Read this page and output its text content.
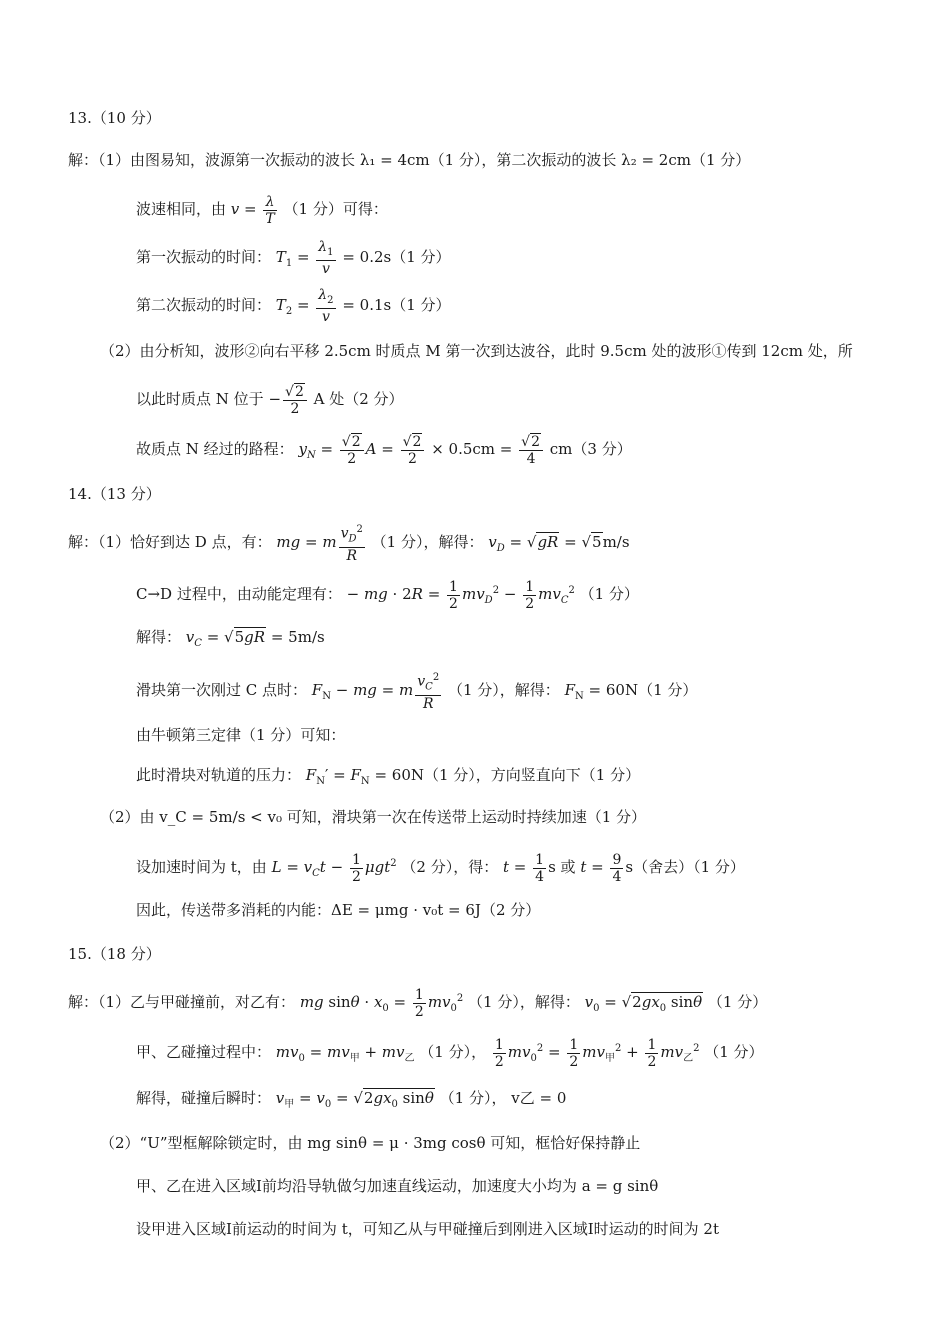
13.（10 分）
解：（1）由图易知，波源第一次振动的波长 λ₁ = 4cm（1 分），第二次振动的波长 λ₂ = 2cm（1 分）
波速相同，由 $v = \frac{\lambda}{T} (1$ 分）可得：
第一次振动的时间： $T_1 = \frac{\lambda_1}{v} = 0.2s(1$ 分）
第二次振动的时间： $T_2 = \frac{\lambda_2}{v} = 0.1s(1$ 分）
（2）由分析知，波形②向右平移 2.5cm 时质点 M 第一次到达波谷，此时 9.5cm 处的波形①传到 12cm 处，所
以此时质点 N 位于 − $\frac{√2}{2}$ A 处（2 分）
故质点 N 经过的路程： $y_N = \frac{√2}{2}$ $A = \frac{√2}{2} \times 0.5cm = \frac{√2}{4} cm(3$ 分）
14.（13 分）
解：（1）恰好到达 D 点，有： mg = m $\frac{v_D^2}{R} (1$ 分），解得： $v_D = √gR = √5m/s$
C→D 过程中，由动能定理有： − mg · $2R = \frac{1}{2} mv_D^2 - \frac{1}{2} mv_C^2$ （1 分）
解得： $v_C = √5gR = 5m/s$
滑块第一次刚过 C 点时： $F_N$ − mg = m $\frac{v_C^2}{R} (1$ 分），解得： $F_N = 60N(1$ 分）
由牛顿第三定律（1 分）可知：
此时滑块对轨道的压力： $F_N' = F_N = 60N(1$ 分），方向竖直向下（1 分）
（2）由 v_C = 5m/s < v₀ 可知，滑块第一次在传送带上运动时持续加速（1 分）
设加速时间为 t，由 $L = v_Ct - \frac{1}{2} \mu gt^2$ （2 分），得： $t = \frac{1}{4}$ s 或 $t = \frac{9}{4} s$（舍去）（1 分）
因此，传送带多消耗的内能：ΔE = μmg · v₀t = 6J（2 分）
15.（18 分）
解：（1）乙与甲碰撞前，对乙有： mg $\sin\theta \cdot x_0 = \frac{1}{2} mv_0^2$ （1 分），解得： $v_0 = √2gx_0$ sinθ （1 分）
甲、乙碰撞过程中： $mv_0 = mv_甲 + mv_乙$ （1 分）， $\frac{1}{2} mv_0^2 = \frac{1}{2} mv_甲^2 + \frac{1}{2} mv_乙^2$ （1 分）
解得，碰撞后瞬时： $v_甲 = v_0 = √2gx_0$ sinθ （1 分）， v乙 = 0
（2）“U”型框解除锁定时，由 mg sinθ = μ · 3mg cosθ 可知，框恰好保持静止
甲、乙在进入区域Ⅰ前均沿导轨做匀加速直线运动，加速度大小均为 a = g sinθ
设甲进入区域Ⅰ前运动的时间为 t，可知乙从与甲碰撞后到刚进入区域Ⅰ时运动的时间为 2t
